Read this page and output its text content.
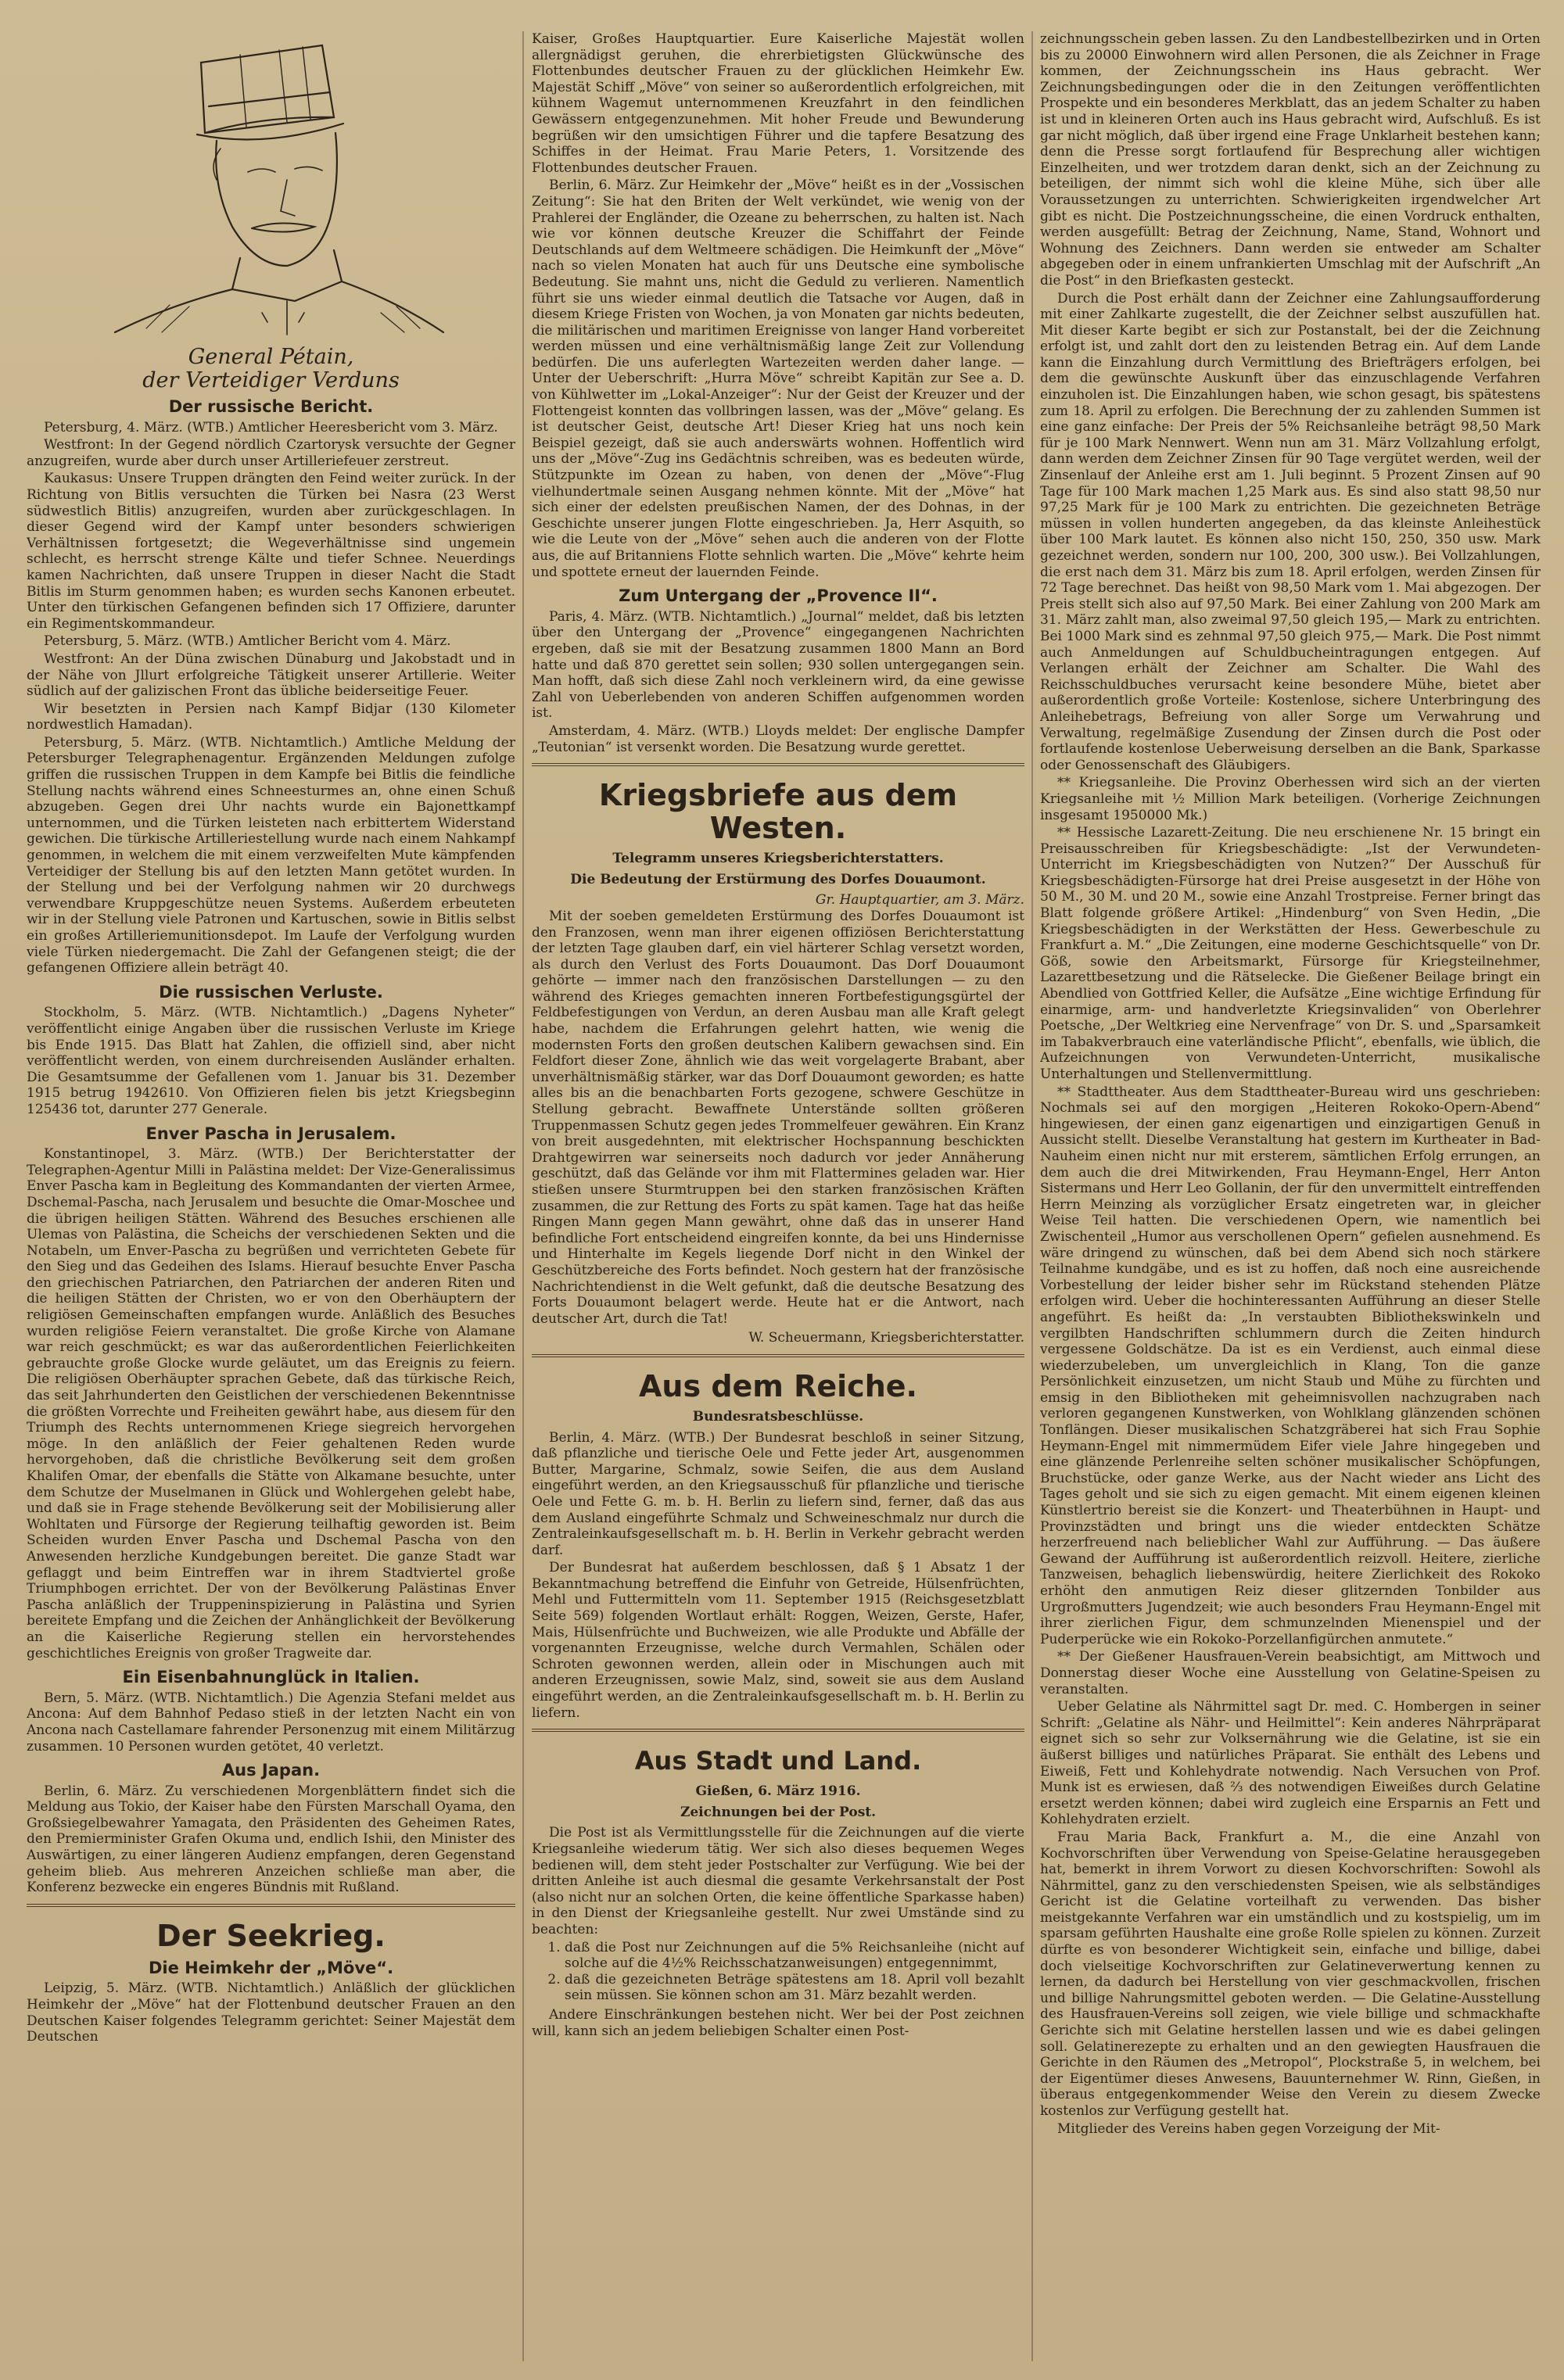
General Pétain,
der Verteidiger Verduns
Der russische Bericht.

Petersburg, 4. März. (WTB.) Amtlicher Heeresbericht vom 3. März.

Westfront: In der Gegend nördlich Czartorysk versuchte der Gegner anzugreifen, wurde aber durch unser Artilleriefeuer zerstreut.

Kaukasus: Unsere Truppen drängten den Feind weiter zurück. In der Richtung von Bitlis versuchten die Türken bei Nasra (23 Werst südwestlich Bitlis) anzugreifen, wurden aber zurückgeschlagen. In dieser Gegend wird der Kampf unter besonders schwierigen Verhältnissen fortgesetzt; die Wegeverhältnisse sind ungemein schlecht, es herrscht strenge Kälte und tiefer Schnee. Neuerdings kamen Nachrichten, daß unsere Truppen in dieser Nacht die Stadt Bitlis im Sturm genommen haben; es wurden sechs Kanonen erbeutet. Unter den türkischen Gefangenen befinden sich 17 Offiziere, darunter ein Regimentskommandeur.

Petersburg, 5. März. (WTB.) Amtlicher Bericht vom 4. März.

Westfront: An der Düna zwischen Dünaburg und Jakobstadt und in der Nähe von Jllurt erfolgreiche Tätigkeit unserer Artillerie. Weiter südlich auf der galizischen Front das übliche beiderseitige Feuer.

Wir besetzten in Persien nach Kampf Bidjar (130 Kilometer nordwestlich Hamadan).

Petersburg, 5. März. (WTB. Nichtamtlich.) Amtliche Meldung der Petersburger Telegraphenagentur. Ergänzenden Meldungen zufolge griffen die russischen Truppen in dem Kampfe bei Bitlis die feindliche Stellung nachts während eines Schneesturmes an, ohne einen Schuß abzugeben. Gegen drei Uhr nachts wurde ein Bajonettkampf unternommen, und die Türken leisteten nach erbittertem Widerstand gewichen. Die türkische Artilleriestellung wurde nach einem Nahkampf genommen, in welchem die mit einem verzweifelten Mute kämpfenden Verteidiger der Stellung bis auf den letzten Mann getötet wurden. In der Stellung und bei der Verfolgung nahmen wir 20 durchwegs verwendbare Kruppgeschütze neuen Systems. Außerdem erbeuteten wir in der Stellung viele Patronen und Kartuschen, sowie in Bitlis selbst ein großes Artilleriemunitionsdepot. Im Laufe der Verfolgung wurden viele Türken niedergemacht. Die Zahl der Gefangenen steigt; die der gefangenen Offiziere allein beträgt 40.

Die russischen Verluste.

Stockholm, 5. März. (WTB. Nichtamtlich.) „Dagens Nyheter“ veröffentlicht einige Angaben über die russischen Verluste im Kriege bis Ende 1915. Das Blatt hat Zahlen, die offiziell sind, aber nicht veröffentlicht werden, von einem durchreisenden Ausländer erhalten. Die Gesamtsumme der Gefallenen vom 1. Januar bis 31. Dezember 1915 betrug 1942610. Von Offizieren fielen bis jetzt Kriegsbeginn 125436 tot, darunter 277 Generale.

Enver Pascha in Jerusalem.

Konstantinopel, 3. März. (WTB.) Der Berichterstatter der Telegraphen-Agentur Milli in Palästina meldet: Der Vize-Generalissimus Enver Pascha kam in Begleitung des Kommandanten der vierten Armee, Dschemal-Pascha, nach Jerusalem und besuchte die Omar-Moschee und die übrigen heiligen Stätten. Während des Besuches erschienen alle Ulemas von Palästina, die Scheichs der verschiedenen Sekten und die Notabeln, um Enver-Pascha zu begrüßen und verrichteten Gebete für den Sieg und das Gedeihen des Islams. Hierauf besuchte Enver Pascha den griechischen Patriarchen, den Patriarchen der anderen Riten und die heiligen Stätten der Christen, wo er von den Oberhäuptern der religiösen Gemeinschaften empfangen wurde. Anläßlich des Besuches wurden religiöse Feiern veranstaltet. Die große Kirche von Alamane war reich geschmückt; es war das außerordentlichen Feierlichkeiten gebrauchte große Glocke wurde geläutet, um das Ereignis zu feiern. Die religiösen Oberhäupter sprachen Gebete, daß das türkische Reich, das seit Jahrhunderten den Geistlichen der verschiedenen Bekenntnisse die größten Vorrechte und Freiheiten gewährt habe, aus diesem für den Triumph des Rechts unternommenen Kriege siegreich hervorgehen möge. In den anläßlich der Feier gehaltenen Reden wurde hervorgehoben, daß die christliche Bevölkerung seit dem großen Khalifen Omar, der ebenfalls die Stätte von Alkamane besuchte, unter dem Schutze der Muselmanen in Glück und Wohlergehen gelebt habe, und daß sie in Frage stehende Bevölkerung seit der Mobilisierung aller Wohltaten und Fürsorge der Regierung teilhaftig geworden ist. Beim Scheiden wurden Enver Pascha und Dschemal Pascha von den Anwesenden herzliche Kundgebungen bereitet. Die ganze Stadt war geflaggt und beim Eintreffen war in ihrem Stadtviertel große Triumphbogen errichtet. Der von der Bevölkerung Palästinas Enver Pascha anläßlich der Truppeninspizierung in Palästina und Syrien bereitete Empfang und die Zeichen der Anhänglichkeit der Bevölkerung an die Kaiserliche Regierung stellen ein hervorstehendes geschichtliches Ereignis von großer Tragweite dar.

Ein Eisenbahnunglück in Italien.

Bern, 5. März. (WTB. Nichtamtlich.) Die Agenzia Stefani meldet aus Ancona: Auf dem Bahnhof Pedaso stieß in der letzten Nacht ein von Ancona nach Castellamare fahrender Personenzug mit einem Militärzug zusammen. 10 Personen wurden getötet, 40 verletzt.

Aus Japan.

Berlin, 6. März. Zu verschiedenen Morgenblättern findet sich die Meldung aus Tokio, der Kaiser habe den Fürsten Marschall Oyama, den Großsiegelbewahrer Yamagata, den Präsidenten des Geheimen Rates, den Premierminister Grafen Okuma und, endlich Ishii, den Minister des Auswärtigen, zu einer längeren Audienz empfangen, deren Gegenstand geheim blieb. Aus mehreren Anzeichen schließe man aber, die Konferenz bezwecke ein engeres Bündnis mit Rußland.

Der Seekrieg.
Die Heimkehr der „Möve“.

Leipzig, 5. März. (WTB. Nichtamtlich.) Anläßlich der glücklichen Heimkehr der „Möve“ hat der Flottenbund deutscher Frauen an den Deutschen Kaiser folgendes Telegramm gerichtet: Seiner Majestät dem Deutschen

Kaiser, Großes Hauptquartier. Eure Kaiserliche Majestät wollen allergnädigst geruhen, die ehrerbietigsten Glückwünsche des Flottenbundes deutscher Frauen zu der glücklichen Heimkehr Ew. Majestät Schiff „Möve“ von seiner so außerordentlich erfolgreichen, mit kühnem Wagemut unternommenen Kreuzfahrt in den feindlichen Gewässern entgegenzunehmen. Mit hoher Freude und Bewunderung begrüßen wir den umsichtigen Führer und die tapfere Besatzung des Schiffes in der Heimat. Frau Marie Peters, 1. Vorsitzende des Flottenbundes deutscher Frauen.

Berlin, 6. März. Zur Heimkehr der „Möve“ heißt es in der „Vossischen Zeitung“: Sie hat den Briten der Welt verkündet, wie wenig von der Prahlerei der Engländer, die Ozeane zu beherrschen, zu halten ist. Nach wie vor können deutsche Kreuzer die Schiffahrt der Feinde Deutschlands auf dem Weltmeere schädigen. Die Heimkunft der „Möve“ nach so vielen Monaten hat auch für uns Deutsche eine symbolische Bedeutung. Sie mahnt uns, nicht die Geduld zu verlieren. Namentlich führt sie uns wieder einmal deutlich die Tatsache vor Augen, daß in diesem Kriege Fristen von Wochen, ja von Monaten gar nichts bedeuten, die militärischen und maritimen Ereignisse von langer Hand vorbereitet werden müssen und eine verhältnismäßig lange Zeit zur Vollendung bedürfen. Die uns auferlegten Wartezeiten werden daher lange. — Unter der Ueberschrift: „Hurra Möve“ schreibt Kapitän zur See a. D. von Kühlwetter im „Lokal-Anzeiger“: Nur der Geist der Kreuzer und der Flottengeist konnten das vollbringen lassen, was der „Möve“ gelang. Es ist deutscher Geist, deutsche Art! Dieser Krieg hat uns noch kein Beispiel gezeigt, daß sie auch anderswärts wohnen. Hoffentlich wird uns der „Möve“-Zug ins Gedächtnis schreiben, was es bedeuten würde, Stützpunkte im Ozean zu haben, von denen der „Möve“-Flug vielhundertmale seinen Ausgang nehmen könnte. Mit der „Möve“ hat sich einer der edelsten preußischen Namen, der des Dohnas, in der Geschichte unserer jungen Flotte eingeschrieben. Ja, Herr Asquith, so wie die Leute von der „Möve“ sehen auch die anderen von der Flotte aus, die auf Britanniens Flotte sehnlich warten. Die „Möve“ kehrte heim und spottete erneut der lauernden Feinde.

Zum Untergang der „Provence II“.

Paris, 4. März. (WTB. Nichtamtlich.) „Journal“ meldet, daß bis letzten über den Untergang der „Provence“ eingegangenen Nachrichten ergeben, daß sie mit der Besatzung zusammen 1800 Mann an Bord hatte und daß 870 gerettet sein sollen; 930 sollen untergegangen sein. Man hofft, daß sich diese Zahl noch verkleinern wird, da eine gewisse Zahl von Ueberlebenden von anderen Schiffen aufgenommen worden ist.

Amsterdam, 4. März. (WTB.) Lloyds meldet: Der englische Dampfer „Teutonian“ ist versenkt worden. Die Besatzung wurde gerettet.

Kriegsbriefe aus dem Westen.
Telegramm unseres Kriegsberichterstatters.
Die Bedeutung der Erstürmung des Dorfes Douaumont.
Gr. Hauptquartier, am 3. März.

Mit der soeben gemeldeten Erstürmung des Dorfes Douaumont ist den Franzosen, wenn man ihrer eigenen offiziösen Berichterstattung der letzten Tage glauben darf, ein viel härterer Schlag versetzt worden, als durch den Verlust des Forts Douaumont. Das Dorf Douaumont gehörte — immer nach den französischen Darstellungen — zu den während des Krieges gemachten inneren Fortbefestigungsgürtel der Feldbefestigungen von Verdun, an deren Ausbau man alle Kraft gelegt habe, nachdem die Erfahrungen gelehrt hatten, wie wenig die modernsten Forts den großen deutschen Kalibern gewachsen sind. Ein Feldfort dieser Zone, ähnlich wie das weit vorgelagerte Brabant, aber unverhältnismäßig stärker, war das Dorf Douaumont geworden; es hatte alles bis an die benachbarten Forts gezogene, schwere Geschütze in Stellung gebracht. Bewaffnete Unterstände sollten größeren Truppenmassen Schutz gegen jedes Trommelfeuer gewähren. Ein Kranz von breit ausgedehnten, mit elektrischer Hochspannung beschickten Drahtgewirren war seinerseits noch dadurch vor jeder Annäherung geschützt, daß das Gelände vor ihm mit Flattermines geladen war. Hier stießen unsere Sturmtruppen bei den starken französischen Kräften zusammen, die zur Rettung des Forts zu spät kamen. Tage hat das heiße Ringen Mann gegen Mann gewährt, ohne daß das in unserer Hand befindliche Fort entscheidend eingreifen konnte, da bei uns Hindernisse und Hinterhalte im Kegels liegende Dorf nicht in den Winkel der Geschützbereiche des Forts befindet. Noch gestern hat der französische Nachrichtendienst in die Welt gefunkt, daß die deutsche Besatzung des Forts Douaumont belagert werde. Heute hat er die Antwort, nach deutscher Art, durch die Tat!

W. Scheuermann, Kriegsberichterstatter.
Aus dem Reiche.
Bundesratsbeschlüsse.

Berlin, 4. März. (WTB.) Der Bundesrat beschloß in seiner Sitzung, daß pflanzliche und tierische Oele und Fette jeder Art, ausgenommen Butter, Margarine, Schmalz, sowie Seifen, die aus dem Ausland eingeführt werden, an den Kriegsausschuß für pflanzliche und tierische Oele und Fette G. m. b. H. Berlin zu liefern sind, ferner, daß das aus dem Ausland eingeführte Schmalz und Schweineschmalz nur durch die Zentraleinkaufsgesellschaft m. b. H. Berlin in Verkehr gebracht werden darf.

Der Bundesrat hat außerdem beschlossen, daß § 1 Absatz 1 der Bekanntmachung betreffend die Einfuhr von Getreide, Hülsenfrüchten, Mehl und Futtermitteln vom 11. September 1915 (Reichsgesetzblatt Seite 569) folgenden Wortlaut erhält: Roggen, Weizen, Gerste, Hafer, Mais, Hülsenfrüchte und Buchweizen, wie alle Produkte und Abfälle der vorgenannten Erzeugnisse, welche durch Vermahlen, Schälen oder Schroten gewonnen werden, allein oder in Mischungen auch mit anderen Erzeugnissen, sowie Malz, sind, soweit sie aus dem Ausland eingeführt werden, an die Zentraleinkaufsgesellschaft m. b. H. Berlin zu liefern.

Aus Stadt und Land.
Gießen, 6. März 1916.
Zeichnungen bei der Post.

Die Post ist als Vermittlungsstelle für die Zeichnungen auf die vierte Kriegsanleihe wiederum tätig. Wer sich also dieses bequemen Weges bedienen will, dem steht jeder Postschalter zur Verfügung. Wie bei der dritten Anleihe ist auch diesmal die gesamte Verkehrsanstalt der Post (also nicht nur an solchen Orten, die keine öffentliche Sparkasse haben) in den Dienst der Kriegsanleihe gestellt. Nur zwei Umstände sind zu beachten:

1. daß die Post nur Zeichnungen auf die 5% Reichsanleihe (nicht auf solche auf die 4½% Reichsschatzanweisungen) entgegennimmt,
2. daß die gezeichneten Beträge spätestens am 18. April voll bezahlt sein müssen. Sie können schon am 31. März bezahlt werden.

Andere Einschränkungen bestehen nicht. Wer bei der Post zeichnen will, kann sich an jedem beliebigen Schalter einen Post-

zeichnungsschein geben lassen. Zu den Landbestellbezirken und in Orten bis zu 20000 Einwohnern wird allen Personen, die als Zeichner in Frage kommen, der Zeichnungsschein ins Haus gebracht. Wer Zeichnungsbedingungen oder die in den Zeitungen veröffentlichten Prospekte und ein besonderes Merkblatt, das an jedem Schalter zu haben ist und in kleineren Orten auch ins Haus gebracht wird, Aufschluß. Es ist gar nicht möglich, daß über irgend eine Frage Unklarheit bestehen kann; denn die Presse sorgt fortlaufend für Besprechung aller wichtigen Einzelheiten, und wer trotzdem daran denkt, sich an der Zeichnung zu beteiligen, der nimmt sich wohl die kleine Mühe, sich über alle Voraussetzungen zu unterrichten. Schwierigkeiten irgendwelcher Art gibt es nicht. Die Postzeichnungsscheine, die einen Vordruck enthalten, werden ausgefüllt: Betrag der Zeichnung, Name, Stand, Wohnort und Wohnung des Zeichners. Dann werden sie entweder am Schalter abgegeben oder in einem unfrankierten Umschlag mit der Aufschrift „An die Post“ in den Briefkasten gesteckt.

Durch die Post erhält dann der Zeichner eine Zahlungsaufforderung mit einer Zahlkarte zugestellt, die der Zeichner selbst auszufüllen hat. Mit dieser Karte begibt er sich zur Postanstalt, bei der die Zeichnung erfolgt ist, und zahlt dort den zu leistenden Betrag ein. Auf dem Lande kann die Einzahlung durch Vermittlung des Briefträgers erfolgen, bei dem die gewünschte Auskunft über das einzuschlagende Verfahren einzuholen ist. Die Einzahlungen haben, wie schon gesagt, bis spätestens zum 18. April zu erfolgen. Die Berechnung der zu zahlenden Summen ist eine ganz einfache: Der Preis der 5% Reichsanleihe beträgt 98,50 Mark für je 100 Mark Nennwert. Wenn nun am 31. März Vollzahlung erfolgt, dann werden dem Zeichner Zinsen für 90 Tage vergütet werden, weil der Zinsenlauf der Anleihe erst am 1. Juli beginnt. 5 Prozent Zinsen auf 90 Tage für 100 Mark machen 1,25 Mark aus. Es sind also statt 98,50 nur 97,25 Mark für je 100 Mark zu entrichten. Die gezeichneten Beträge müssen in vollen hunderten angegeben, da das kleinste Anleihestück über 100 Mark lautet. Es können also nicht 150, 250, 350 usw. Mark gezeichnet werden, sondern nur 100, 200, 300 usw.). Bei Vollzahlungen, die erst nach dem 31. März bis zum 18. April erfolgen, werden Zinsen für 72 Tage berechnet. Das heißt von 98,50 Mark vom 1. Mai abgezogen. Der Preis stellt sich also auf 97,50 Mark. Bei einer Zahlung von 200 Mark am 31. März zahlt man, also zweimal 97,50 gleich 195,— Mark zu entrichten. Bei 1000 Mark sind es zehnmal 97,50 gleich 975,— Mark. Die Post nimmt auch Anmeldungen auf Schuldbucheintragungen entgegen. Auf Verlangen erhält der Zeichner am Schalter. Die Wahl des Reichsschuldbuches verursacht keine besondere Mühe, bietet aber außerordentlich große Vorteile: Kostenlose, sichere Unterbringung des Anleihebetrags, Befreiung von aller Sorge um Verwahrung und Verwaltung, regelmäßige Zusendung der Zinsen durch die Post oder fortlaufende kostenlose Ueberweisung derselben an die Bank, Sparkasse oder Genossenschaft des Gläubigers.

** Kriegsanleihe. Die Provinz Oberhessen wird sich an der vierten Kriegsanleihe mit ½ Million Mark beteiligen. (Vorherige Zeichnungen insgesamt 1950000 Mk.)

** Hessische Lazarett-Zeitung. Die neu erschienene Nr. 15 bringt ein Preisausschreiben für Kriegsbeschädigte: „Ist der Verwundeten-Unterricht im Kriegsbeschädigten von Nutzen?“ Der Ausschuß für Kriegsbeschädigten-Fürsorge hat drei Preise ausgesetzt in der Höhe von 50 M., 30 M. und 20 M., sowie eine Anzahl Trostpreise. Ferner bringt das Blatt folgende größere Artikel: „Hindenburg“ von Sven Hedin, „Die Kriegsbeschädigten in der Werkstätten der Hess. Gewerbeschule zu Frankfurt a. M.“ „Die Zeitungen, eine moderne Geschichtsquelle“ von Dr. Göß, sowie den Arbeitsmarkt, Fürsorge für Kriegsteilnehmer, Lazarettbesetzung und die Rätselecke. Die Gießener Beilage bringt ein Abendlied von Gottfried Keller, die Aufsätze „Eine wichtige Erfindung für einarmige, arm- und handverletzte Kriegsinvaliden“ von Oberlehrer Poetsche, „Der Weltkrieg eine Nervenfrage“ von Dr. S. und „Sparsamkeit im Tabakverbrauch eine vaterländische Pflicht“, ebenfalls, wie üblich, die Aufzeichnungen von Verwundeten-Unterricht, musikalische Unterhaltungen und Stellenvermittlung.

** Stadttheater. Aus dem Stadttheater-Bureau wird uns geschrieben: Nochmals sei auf den morgigen „Heiteren Rokoko-Opern-Abend“ hingewiesen, der einen ganz eigenartigen und einzigartigen Genuß in Aussicht stellt. Dieselbe Veranstaltung hat gestern im Kurtheater in Bad-Nauheim einen nicht nur mit ersterem, sämtlichen Erfolg errungen, an dem auch die drei Mitwirkenden, Frau Heymann-Engel, Herr Anton Sistermans und Herr Leo Gollanin, der für den unvermittelt eintreffenden Herrn Meinzing als vorzüglicher Ersatz eingetreten war, in gleicher Weise Teil hatten. Die verschiedenen Opern, wie namentlich bei Zwischenteil „Humor aus verschollenen Opern“ gefielen ausnehmend. Es wäre dringend zu wünschen, daß bei dem Abend sich noch stärkere Teilnahme kundgäbe, und es ist zu hoffen, daß noch eine ausreichende Vorbestellung der leider bisher sehr im Rückstand stehenden Plätze erfolgen wird. Ueber die hochinteressanten Aufführung an dieser Stelle angeführt. Es heißt da: „In verstaubten Bibliothekswinkeln und vergilbten Handschriften schlummern durch die Zeiten hindurch vergessene Goldschätze. Da ist es ein Verdienst, auch einmal diese wiederzubeleben, um unvergleichlich in Klang, Ton die ganze Persönlichkeit einzusetzen, um nicht Staub und Mühe zu fürchten und emsig in den Bibliotheken mit geheimnisvollen nachzugraben nach verloren gegangenen Kunstwerken, von Wohlklang glänzenden schönen Tonflängen. Dieser musikalischen Schatzgräberei hat sich Frau Sophie Heymann-Engel mit nimmermüdem Eifer viele Jahre hingegeben und eine glänzende Perlenreihe selten schöner musikalischer Schöpfungen, Bruchstücke, oder ganze Werke, aus der Nacht wieder ans Licht des Tages geholt und sie sich zu eigen gemacht. Mit einem eigenen kleinen Künstlertrio bereist sie die Konzert- und Theaterbühnen in Haupt- und Provinzstädten und bringt uns die wieder entdeckten Schätze herzerfreuend nach belieblicher Wahl zur Aufführung. — Das äußere Gewand der Aufführung ist außerordentlich reizvoll. Heitere, zierliche Tanzweisen, behaglich liebenswürdig, heitere Zierlichkeit des Rokoko erhöht den anmutigen Reiz dieser glitzernden Tonbilder aus Urgroßmutters Jugendzeit; wie auch besonders Frau Heymann-Engel mit ihrer zierlichen Figur, dem schmunzelnden Mienenspiel und der Puderperücke wie ein Rokoko-Porzellanfigürchen anmutete.“

** Der Gießener Hausfrauen-Verein beabsichtigt, am Mittwoch und Donnerstag dieser Woche eine Ausstellung von Gelatine-Speisen zu veranstalten.

Ueber Gelatine als Nährmittel sagt Dr. med. C. Hombergen in seiner Schrift: „Gelatine als Nähr- und Heilmittel“: Kein anderes Nährpräparat eignet sich so sehr zur Volksernährung wie die Gelatine, ist sie ein äußerst billiges und natürliches Präparat. Sie enthält des Lebens und Eiweiß, Fett und Kohlehydrate notwendig. Nach Versuchen von Prof. Munk ist es erwiesen, daß ⅔ des notwendigen Eiweißes durch Gelatine ersetzt werden können; dabei wird zugleich eine Ersparnis an Fett und Kohlehydraten erzielt.

Frau Maria Back, Frankfurt a. M., die eine Anzahl von Kochvorschriften über Verwendung von Speise-Gelatine herausgegeben hat, bemerkt in ihrem Vorwort zu diesen Kochvorschriften: Sowohl als Nährmittel, ganz zu den verschiedensten Speisen, wie als selbständiges Gericht ist die Gelatine vorteilhaft zu verwenden. Das bisher meistgekannte Verfahren war ein umständlich und zu kostspielig, um im sparsam geführten Haushalte eine große Rolle spielen zu können. Zurzeit dürfte es von besonderer Wichtigkeit sein, einfache und billige, dabei doch vielseitige Kochvorschriften zur Gelatineverwertung kennen zu lernen, da dadurch bei Herstellung von vier geschmackvollen, frischen und billige Nahrungsmittel geboten werden. — Die Gelatine-Ausstellung des Hausfrauen-Vereins soll zeigen, wie viele billige und schmackhafte Gerichte sich mit Gelatine herstellen lassen und wie es dabei gelingen soll. Gelatinerezepte zu erhalten und an den gewiegten Hausfrauen die Gerichte in den Räumen des „Metropol“, Plockstraße 5, in welchem, bei der Eigentümer dieses Anwesens, Bauunternehmer W. Rinn, Gießen, in überaus entgegenkommender Weise den Verein zu diesem Zwecke kostenlos zur Verfügung gestellt hat.

Mitglieder des Vereins haben gegen Vorzeigung der Mit-
